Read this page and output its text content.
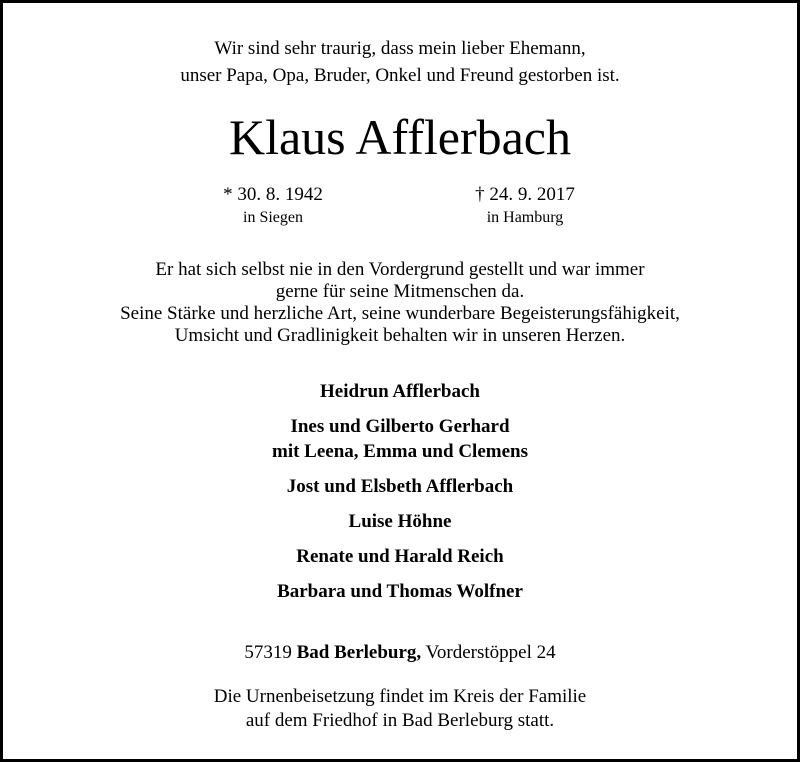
Wir sind sehr traurig, dass mein lieber Ehemann,
unser Papa, Opa, Bruder, Onkel und Freund gestorben ist.
Klaus Afflerbach
* 30. 8. 1942
in Siegen
† 24. 9. 2017
in Hamburg
Er hat sich selbst nie in den Vordergrund gestellt und war immer
gerne für seine Mitmenschen da.
Seine Stärke und herzliche Art, seine wunderbare Begeisterungsfähigkeit,
Umsicht und Gradlinigkeit behalten wir in unseren Herzen.
Heidrun Afflerbach
Ines und Gilberto Gerhard
mit Leena, Emma und Clemens
Jost und Elsbeth Afflerbach
Luise Höhne
Renate und Harald Reich
Barbara und Thomas Wolfner
57319 Bad Berleburg, Vorderstöppel 24
Die Urnenbeisetzung findet im Kreis der Familie
auf dem Friedhof in Bad Berleburg statt.
